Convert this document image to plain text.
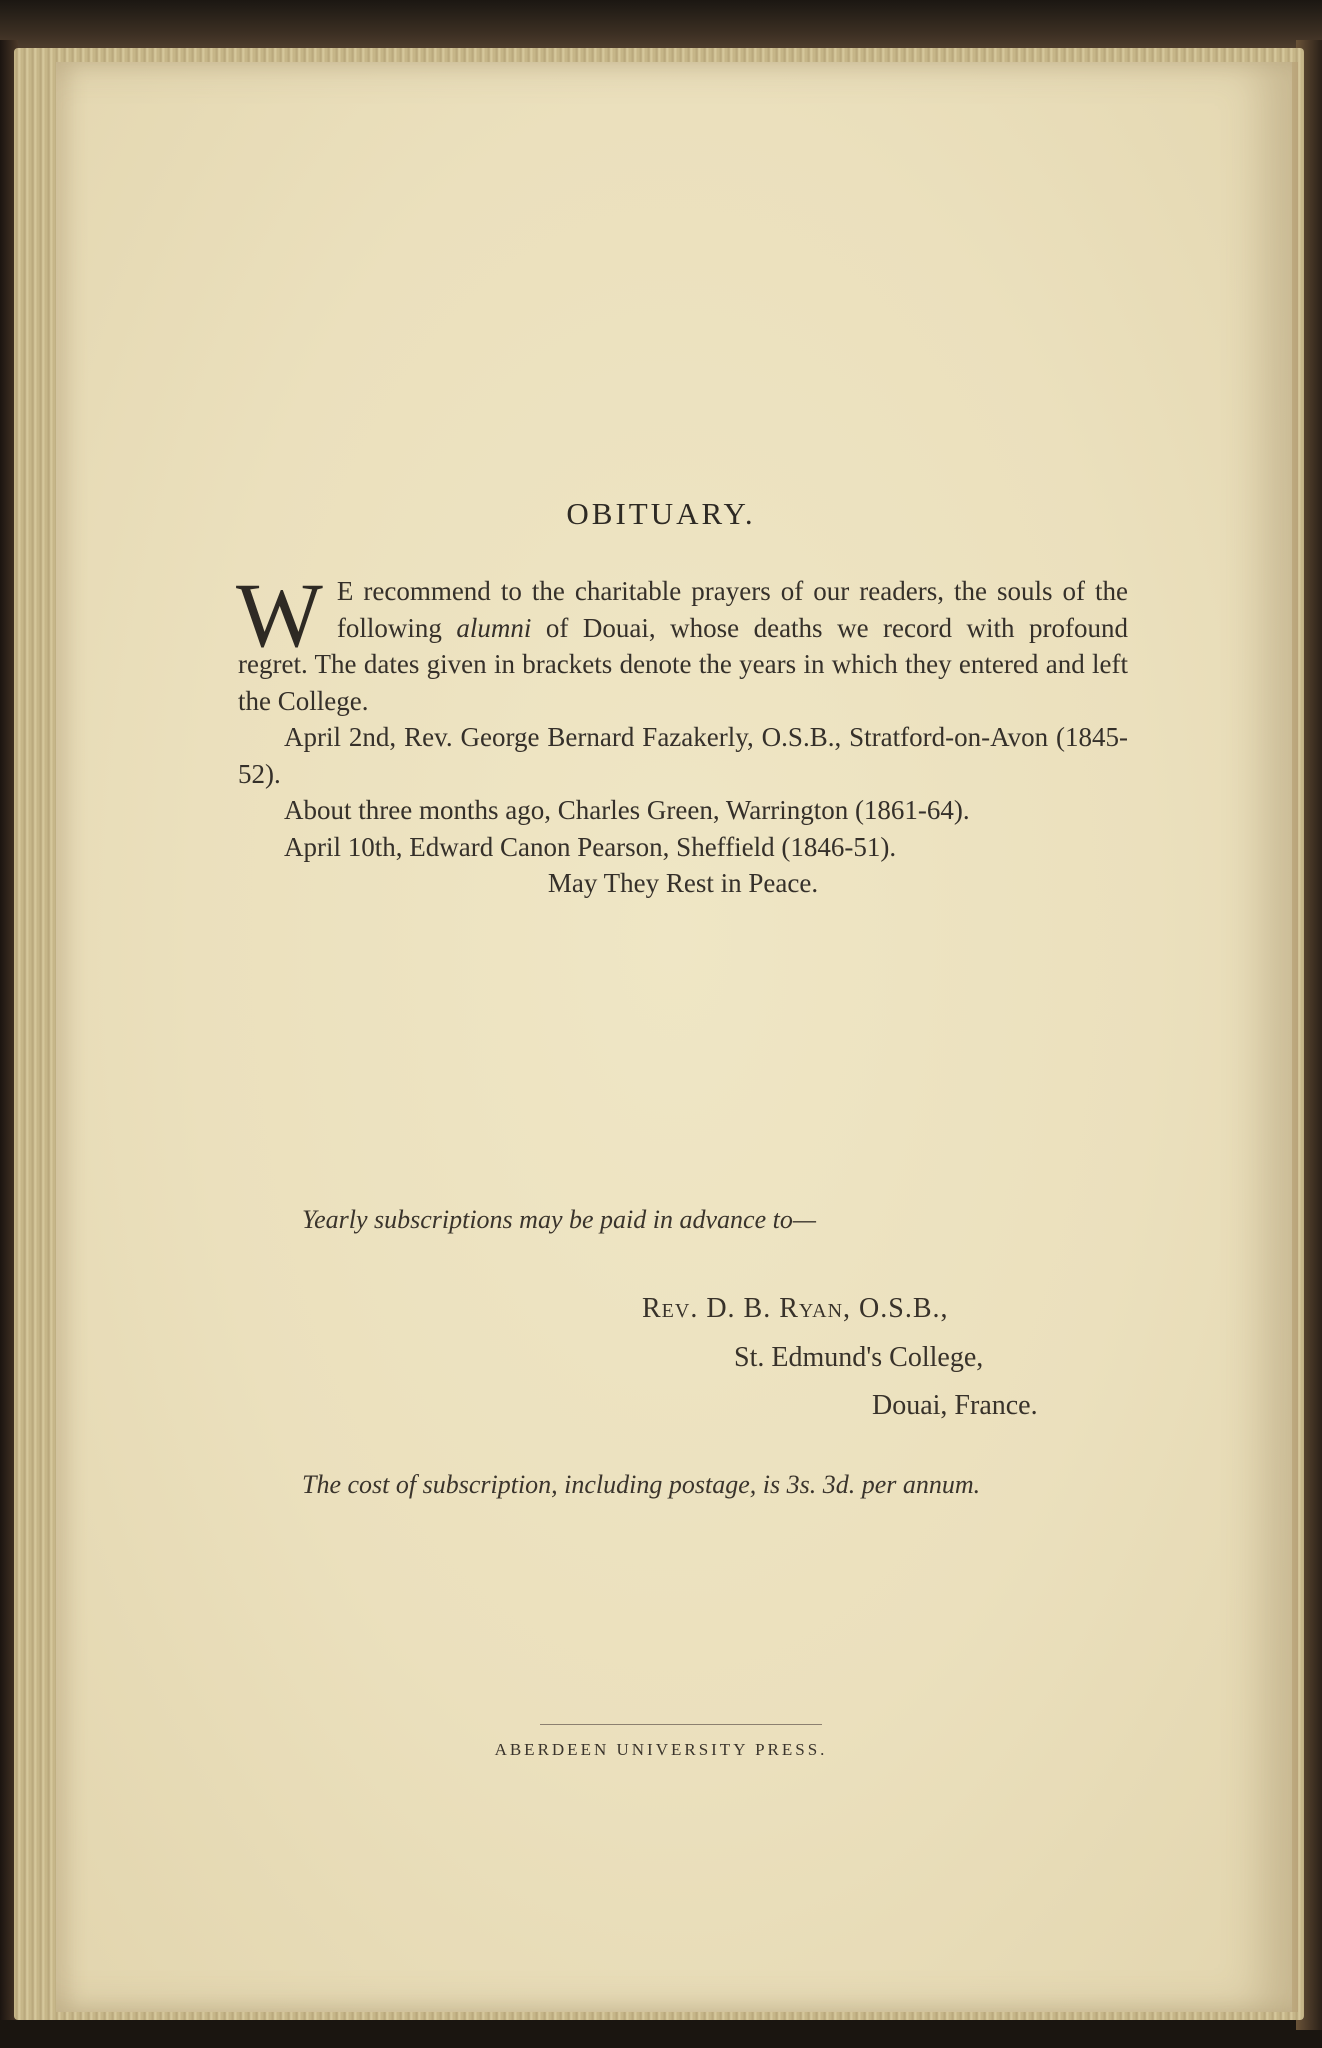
OBITUARY.
W E recommend to the charitable prayers of our readers, the souls of the following alumni of Douai, whose deaths we record with profound regret. The dates given in brackets denote the years in which they entered and left the College.
April 2nd, Rev. George Bernard Fazakerly, O.S.B., Stratford-on-Avon (1845-52).
About three months ago, Charles Green, Warrington (1861-64).
April 10th, Edward Canon Pearson, Sheffield (1846-51).
May They Rest in Peace.
Yearly subscriptions may be paid in advance to—
Rev. D. B. Ryan, O.S.B.,
St. Edmund's College,
Douai, France.
The cost of subscription, including postage, is 3s. 3d. per annum.
ABERDEEN UNIVERSITY PRESS.
